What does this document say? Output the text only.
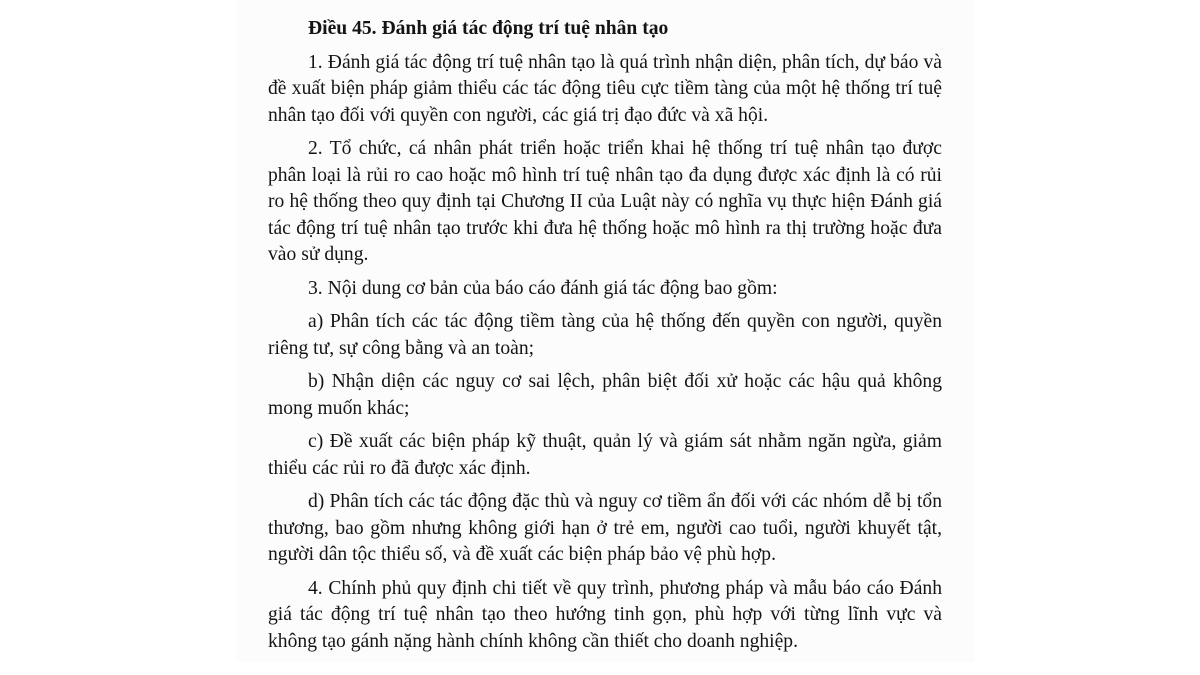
Điều 45. Đánh giá tác động trí tuệ nhân tạo

1. Đánh giá tác động trí tuệ nhân tạo là quá trình nhận diện, phân tích, dự báo và đề xuất biện pháp giảm thiểu các tác động tiêu cực tiềm tàng của một hệ thống trí tuệ nhân tạo đối với quyền con người, các giá trị đạo đức và xã hội.

2. Tổ chức, cá nhân phát triển hoặc triển khai hệ thống trí tuệ nhân tạo được phân loại là rủi ro cao hoặc mô hình trí tuệ nhân tạo đa dụng được xác định là có rủi ro hệ thống theo quy định tại Chương II của Luật này có nghĩa vụ thực hiện Đánh giá tác động trí tuệ nhân tạo trước khi đưa hệ thống hoặc mô hình ra thị trường hoặc đưa vào sử dụng.

3. Nội dung cơ bản của báo cáo đánh giá tác động bao gồm:

a) Phân tích các tác động tiềm tàng của hệ thống đến quyền con người, quyền riêng tư, sự công bằng và an toàn;

b) Nhận diện các nguy cơ sai lệch, phân biệt đối xử hoặc các hậu quả không mong muốn khác;

c) Đề xuất các biện pháp kỹ thuật, quản lý và giám sát nhằm ngăn ngừa, giảm thiểu các rủi ro đã được xác định.

d) Phân tích các tác động đặc thù và nguy cơ tiềm ẩn đối với các nhóm dễ bị tổn thương, bao gồm nhưng không giới hạn ở trẻ em, người cao tuổi, người khuyết tật, người dân tộc thiểu số, và đề xuất các biện pháp bảo vệ phù hợp.

4. Chính phủ quy định chi tiết về quy trình, phương pháp và mẫu báo cáo Đánh giá tác động trí tuệ nhân tạo theo hướng tinh gọn, phù hợp với từng lĩnh vực và không tạo gánh nặng hành chính không cần thiết cho doanh nghiệp.
